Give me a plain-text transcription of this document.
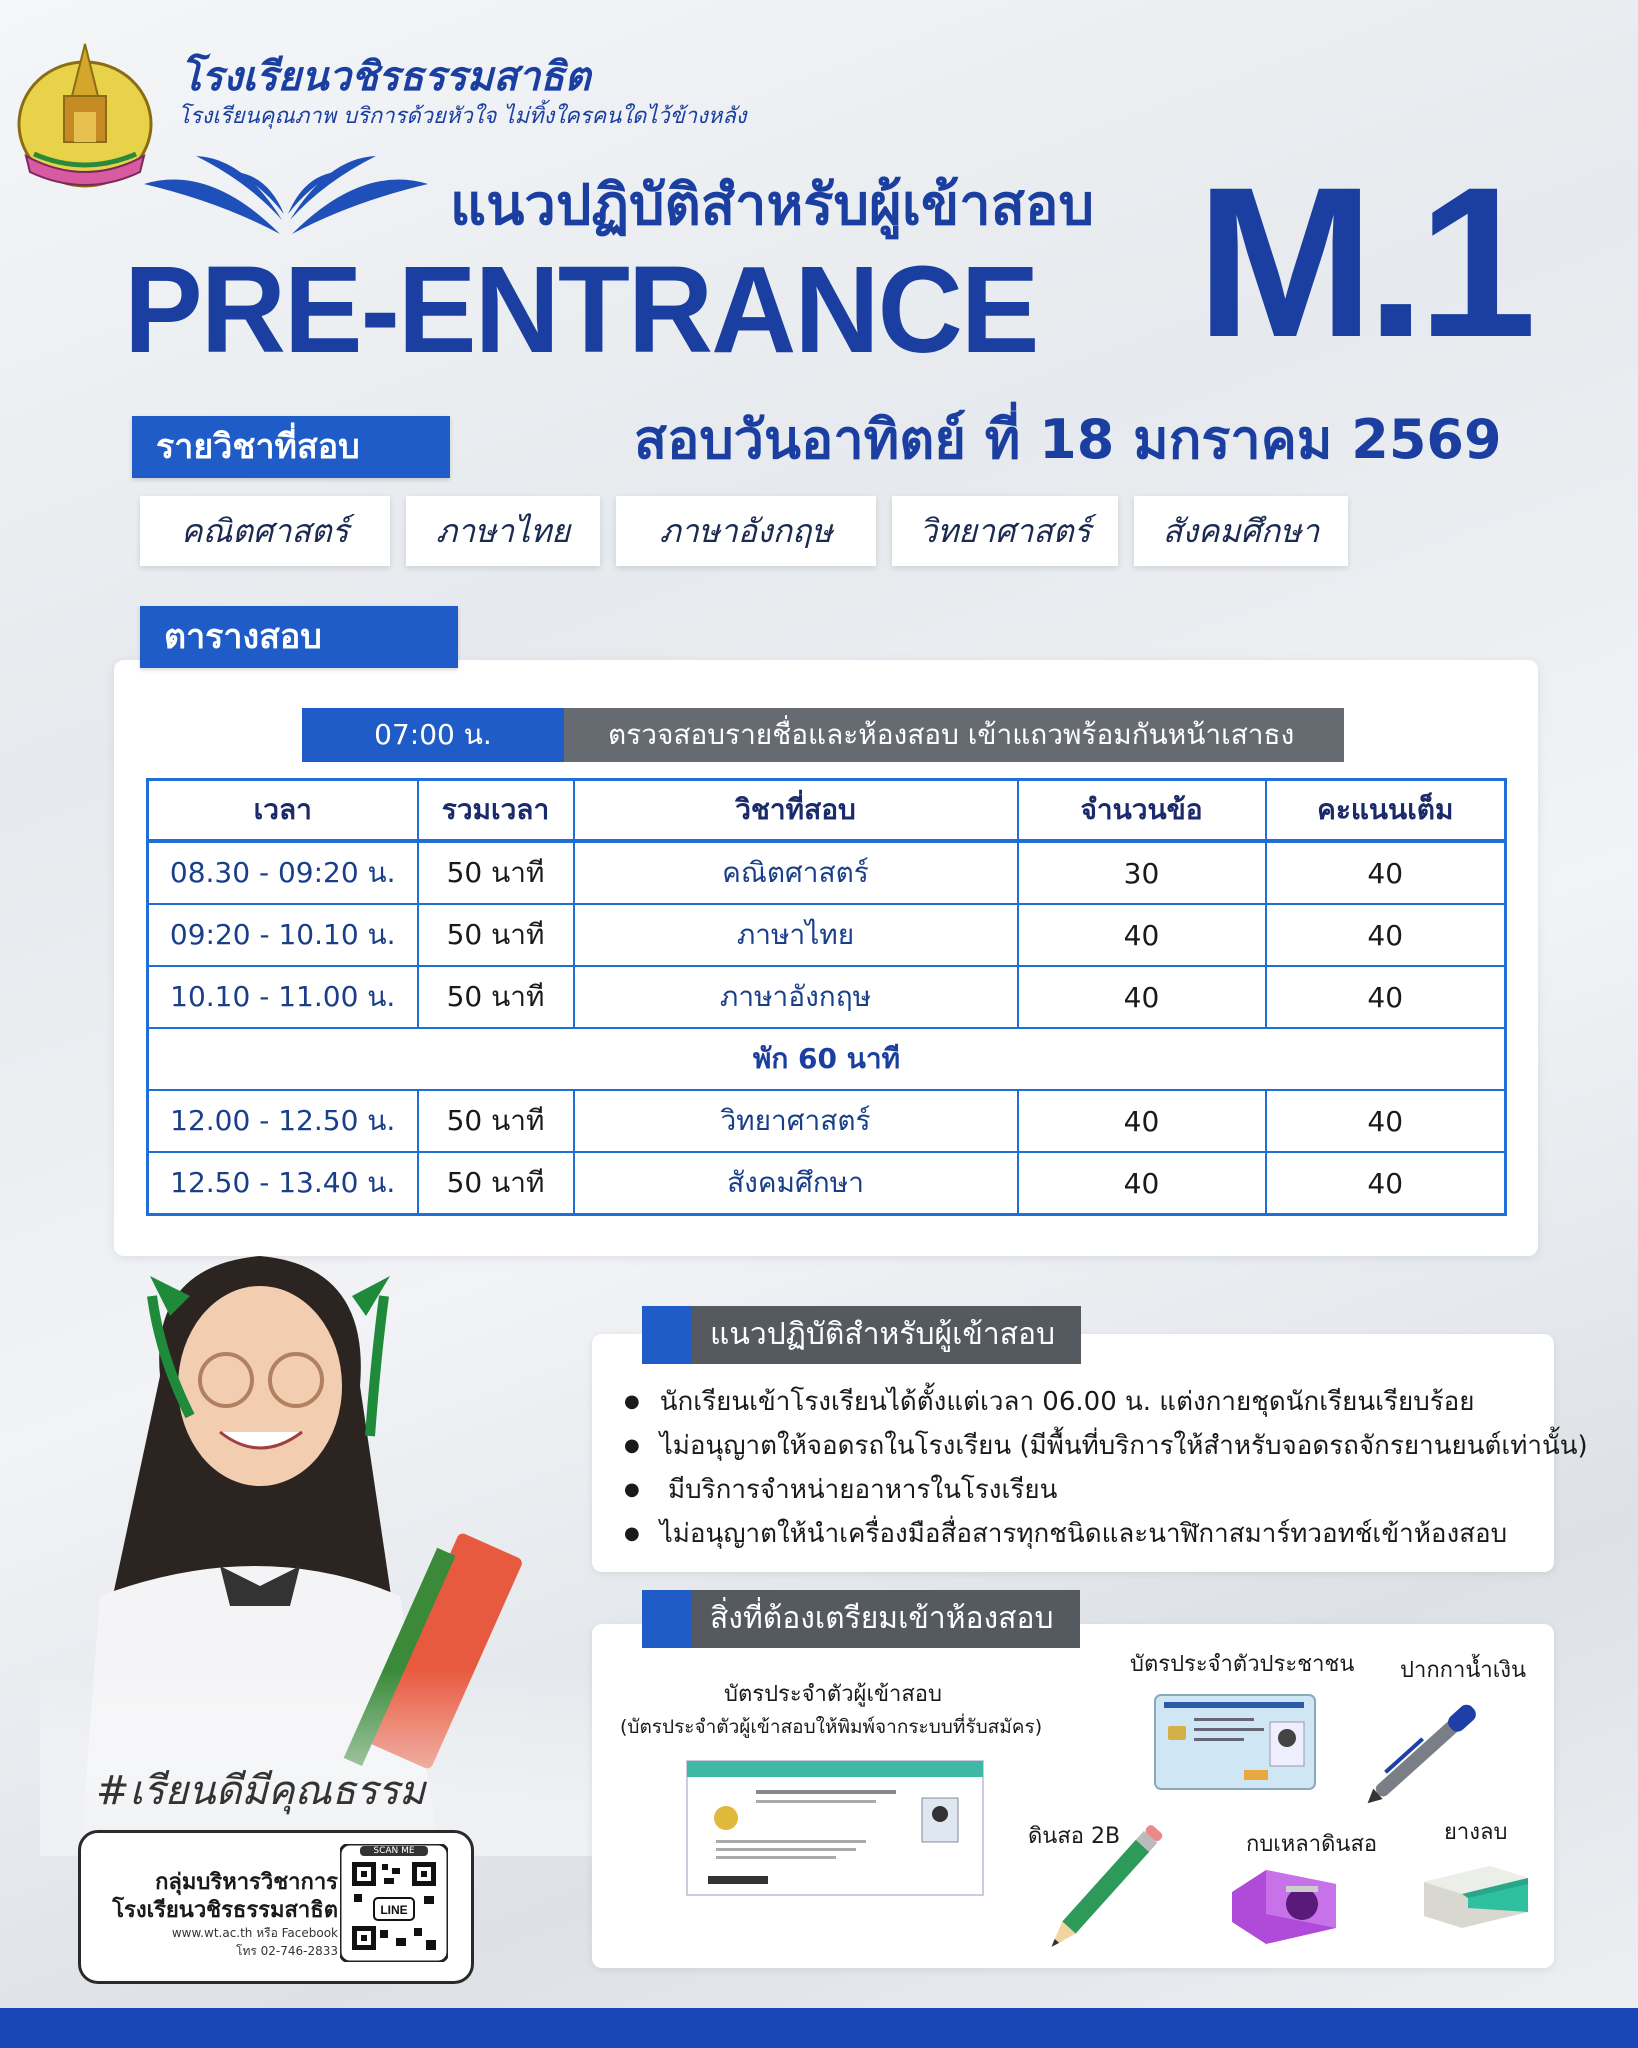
โรงเรียนวชิรธรรมสาธิต
โรงเรียนคุณภาพ บริการด้วยหัวใจ ไม่ทิ้งใครคนใดไว้ข้างหลัง
แนวปฏิบัติสำหรับผู้เข้าสอบ
PRE-ENTRANCE M.1
สอบวันอาทิตย์ ที่ 18 มกราคม 2569
รายวิชาที่สอบ
คณิตศาสตร์	ภาษาไทย	ภาษาอังกฤษ	วิทยาศาสตร์	สังคมศึกษา
ตารางสอบ
07:00 น.	ตรวจสอบรายชื่อและห้องสอบ เข้าแถวพร้อมกันหน้าเสาธง
เวลา	รวมเวลา	วิชาที่สอบ	จำนวนข้อ	คะแนนเต็ม
08.30 - 09:20 น.	50 นาที	คณิตศาสตร์	30	40
09:20 - 10.10 น.	50 นาที	ภาษาไทย	40	40
10.10 - 11.00 น.	50 นาที	ภาษาอังกฤษ	40	40
พัก 60 นาที				
12.00 - 12.50 น.	50 นาที	วิทยาศาสตร์	40	40
12.50 - 13.40 น.	50 นาที	สังคมศึกษา	40	40
#เรียนดีมีคุณธรรม
กลุ่มบริหารวิชาการ
โรงเรียนวชิรธรรมสาธิต
www.wt.ac.th หรือ Facebook
โทร 02-746-2833
LINE
SCAN ME
แนวปฏิบัติสำหรับผู้เข้าสอบ
● นักเรียนเข้าโรงเรียนได้ตั้งแต่เวลา 06.00 น. แต่งกายชุดนักเรียนเรียบร้อย
● ไม่อนุญาตให้จอดรถในโรงเรียน (มีพื้นที่บริการให้สำหรับจอดรถจักรยานยนต์เท่านั้น)
● มีบริการจำหน่ายอาหารในโรงเรียน
● ไม่อนุญาตให้นำเครื่องมือสื่อสารทุกชนิดและนาฬิกาสมาร์ทวอทช์เข้าห้องสอบ
สิ่งที่ต้องเตรียมเข้าห้องสอบ
บัตรประจำตัวผู้เข้าสอบ
(บัตรประจำตัวผู้เข้าสอบให้พิมพ์จากระบบที่รับสมัคร)
บัตรประจำตัวประชาชน ปากกาน้ำเงิน
ดินสอ 2B	กบเหลาดินสอ	ยางลบ
